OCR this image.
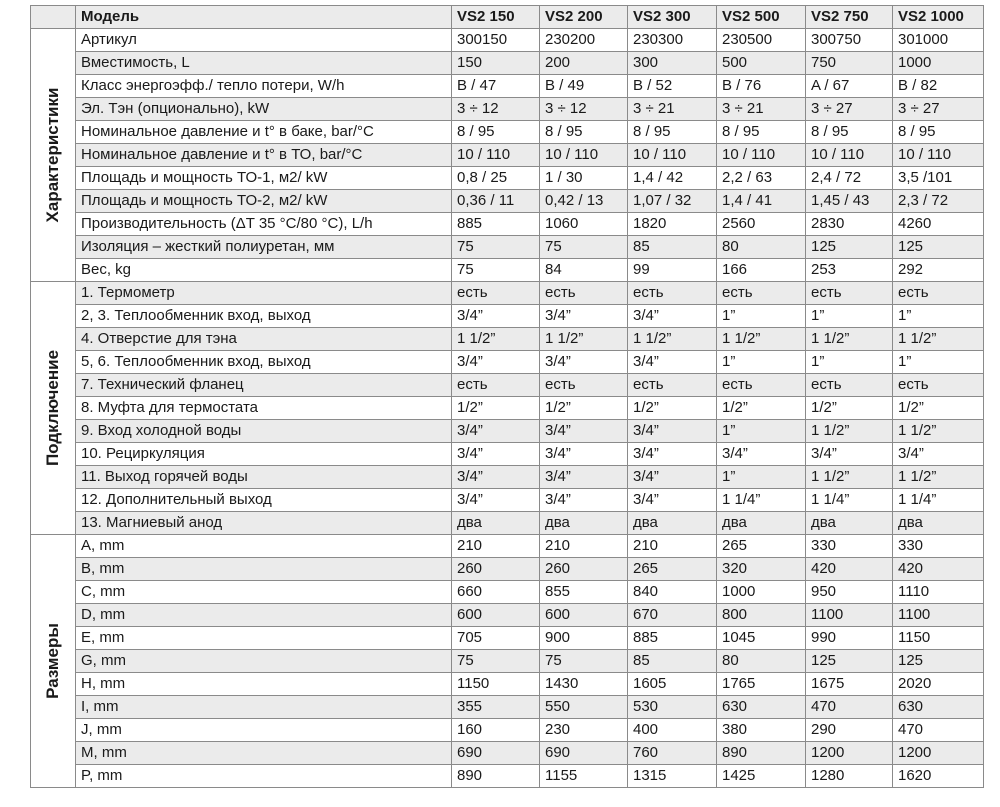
	Модель	VS2 150	VS2 200	VS2 300	VS2 500	VS2 750	VS2 1000

Характеристики	Артикул	300150	230200	230300	230500	300750	301000
	Вместимость, L	150	200	300	500	750	1000
	Класс энергоэфф./ тепло потери, W/h	B / 47	B / 49	B / 52	B / 76	A / 67	B / 82
	Эл. Тэн (опционально), kW	3 ÷ 12	3 ÷ 12	3 ÷ 21	3 ÷ 21	3 ÷ 27	3 ÷ 27
	Номинальное давление и t° в баке, bar/°C	8 / 95	8 / 95	8 / 95	8 / 95	8 / 95	8 / 95
	Номинальное давление и t° в ТО, bar/°C	10 / 110	10 / 110	10 / 110	10 / 110	10 / 110	10 / 110
	Площадь и мощность ТО-1, м2/ kW	0,8 / 25	1 / 30	1,4 / 42	2,2 / 63	2,4 / 72	3,5 /101
	Площадь и мощность ТО-2, м2/ kW	0,36 / 11	0,42 / 13	1,07 / 32	1,4 / 41	1,45 / 43	2,3 / 72
	Производительность (ΔT 35 °C/80 °C), L/h	885	1060	1820	2560	2830	4260
	Изоляция – жесткий полиуретан, мм	75	75	85	80	125	125
	Вес, kg	75	84	99	166	253	292

Подключение	1. Термометр	есть	есть	есть	есть	есть	есть
	2, 3. Теплообменник вход, выход	3/4”	3/4”	3/4”	1”	1”	1”
	4. Отверстие для тэна	1 1/2”	1 1/2”	1 1/2”	1 1/2”	1 1/2”	1 1/2”
	5, 6. Теплообменник вход, выход	3/4”	3/4”	3/4”	1”	1”	1”
	7. Технический фланец	есть	есть	есть	есть	есть	есть
	8. Муфта для термостата	1/2”	1/2”	1/2”	1/2”	1/2”	1/2”
	9. Вход холодной воды	3/4”	3/4”	3/4”	1”	1 1/2”	1 1/2”
	10. Рециркуляция	3/4”	3/4”	3/4”	3/4”	3/4”	3/4”
	11. Выход горячей воды	3/4”	3/4”	3/4”	1”	1 1/2”	1 1/2”
	12. Дополнительный выход	3/4”	3/4”	3/4”	1 1/4”	1 1/4”	1 1/4”
	13. Магниевый анод	два	два	два	два	два	два

Размеры	A, mm	210	210	210	265	330	330
	B, mm	260	260	265	320	420	420
	C, mm	660	855	840	1000	950	1110
	D, mm	600	600	670	800	1100	1100
	E, mm	705	900	885	1045	990	1150
	G, mm	75	75	85	80	125	125
	H, mm	1150	1430	1605	1765	1675	2020
	I, mm	355	550	530	630	470	630
	J, mm	160	230	400	380	290	470
	M, mm	690	690	760	890	1200	1200
	P, mm	890	1155	1315	1425	1280	1620
